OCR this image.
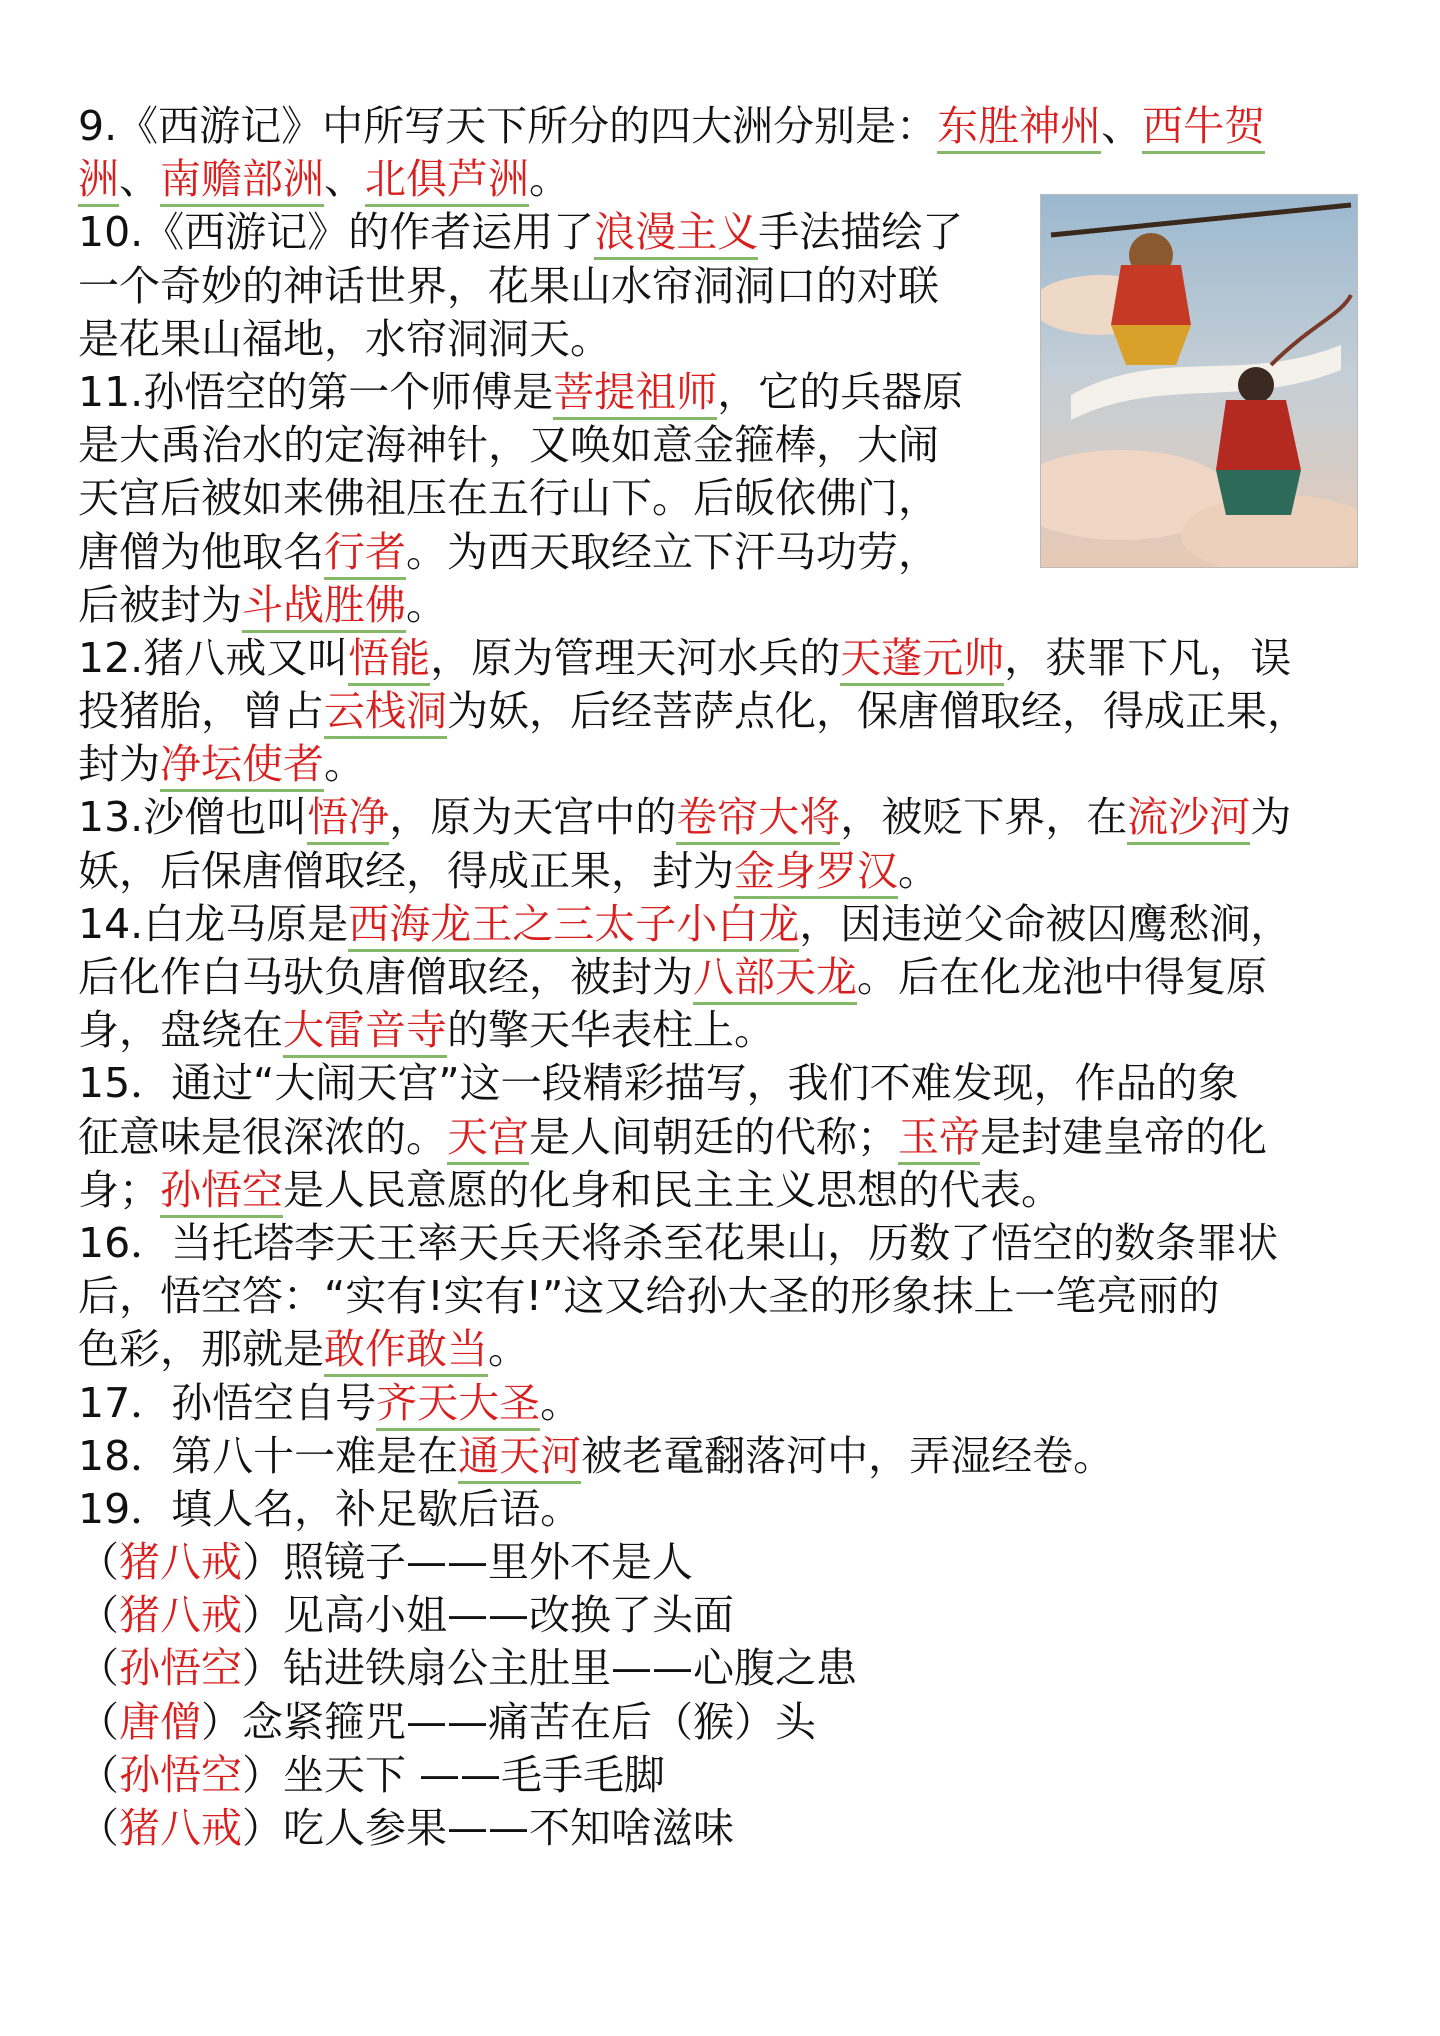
9.《西游记》中所写天下所分的四大洲分别是：东胜神州、西牛贺
洲、南赡部洲、北俱芦洲。
10.《西游记》的作者运用了浪漫主义手法描绘了
一个奇妙的神话世界，花果山水帘洞洞口的对联
是花果山福地，水帘洞洞天。
11.孙悟空的第一个师傅是菩提祖师，它的兵器原
是大禹治水的定海神针，又唤如意金箍棒，大闹
天宫后被如来佛祖压在五行山下。后皈依佛门，
唐僧为他取名行者。为西天取经立下汗马功劳，
后被封为斗战胜佛。
12.猪八戒又叫悟能，原为管理天河水兵的天蓬元帅，获罪下凡，误
投猪胎，曾占云栈洞为妖，后经菩萨点化，保唐僧取经，得成正果，
封为净坛使者。
13.沙僧也叫悟净，原为天宫中的卷帘大将，被贬下界，在流沙河为
妖，后保唐僧取经，得成正果，封为金身罗汉。
14.白龙马原是西海龙王之三太子小白龙，因违逆父命被囚鹰愁涧，
后化作白马驮负唐僧取经，被封为八部天龙。后在化龙池中得复原
身，盘绕在大雷音寺的擎天华表柱上。
15．通过“大闹天宫”这一段精彩描写，我们不难发现，作品的象
征意味是很深浓的。天宫是人间朝廷的代称；玉帝是封建皇帝的化
身；孙悟空是人民意愿的化身和民主主义思想的代表。
16．当托塔李天王率天兵天将杀至花果山，历数了悟空的数条罪状
后，悟空答：“实有!实有!”这又给孙大圣的形象抹上一笔亮丽的
色彩，那就是敢作敢当。
17．孙悟空自号齐天大圣。
18．第八十一难是在通天河被老鼋翻落河中，弄湿经卷。
19．填人名，补足歇后语。
（猪八戒）照镜子——里外不是人
（猪八戒）见高小姐——改换了头面
（孙悟空）钻进铁扇公主肚里——心腹之患
（唐僧）念紧箍咒——痛苦在后（猴）头
（孙悟空）坐天下 ——毛手毛脚
（猪八戒）吃人参果——不知啥滋味
